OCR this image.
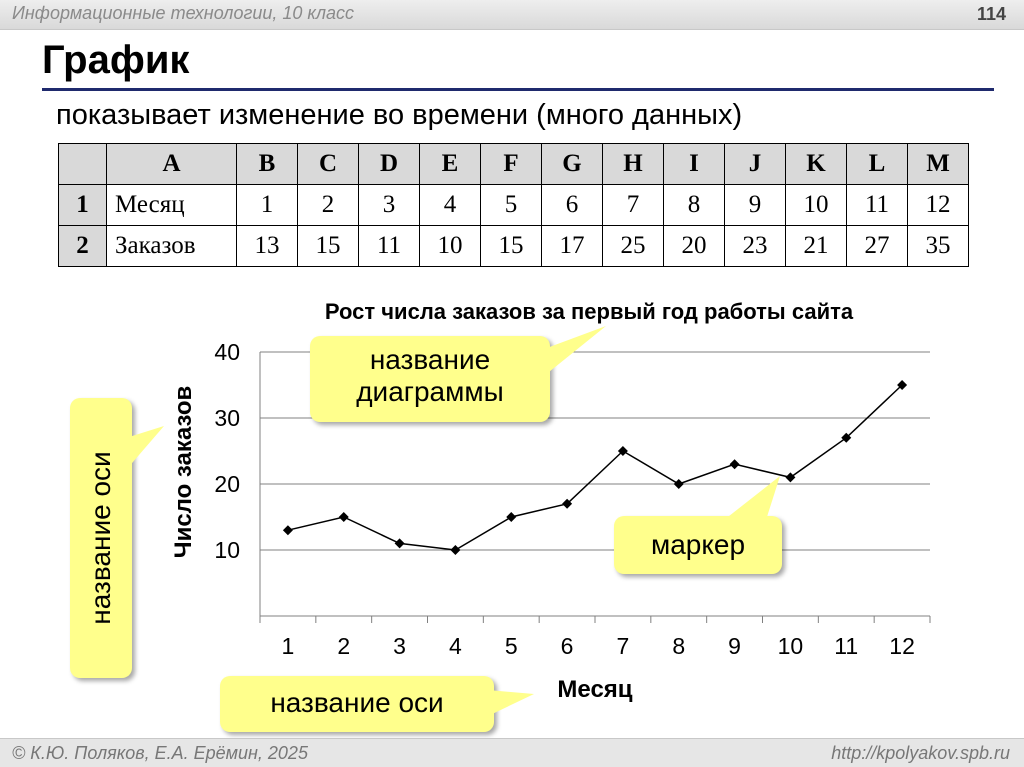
Информационные технологии, 10 класс	114
График
показывает изменение во времени (много данных)
	A	B	C	D	E	F	G	H	I	J	K	L	M
1	Месяц	1	2	3	4	5	6	7	8	9	10	11	12
2	Заказов	13	15	11	10	15	17	25	20	23	21	27	35
10
20
30
40
1 2 3 4 5 6 7 8 9 10 11 12
Рост числа заказов за первый год работы сайта
Месяц
Число заказов
название диаграммы
название оси
название оси
маркер
© К.Ю. Поляков, Е.А. Ерёмин, 2025	http://kpolyakov.spb.ru
